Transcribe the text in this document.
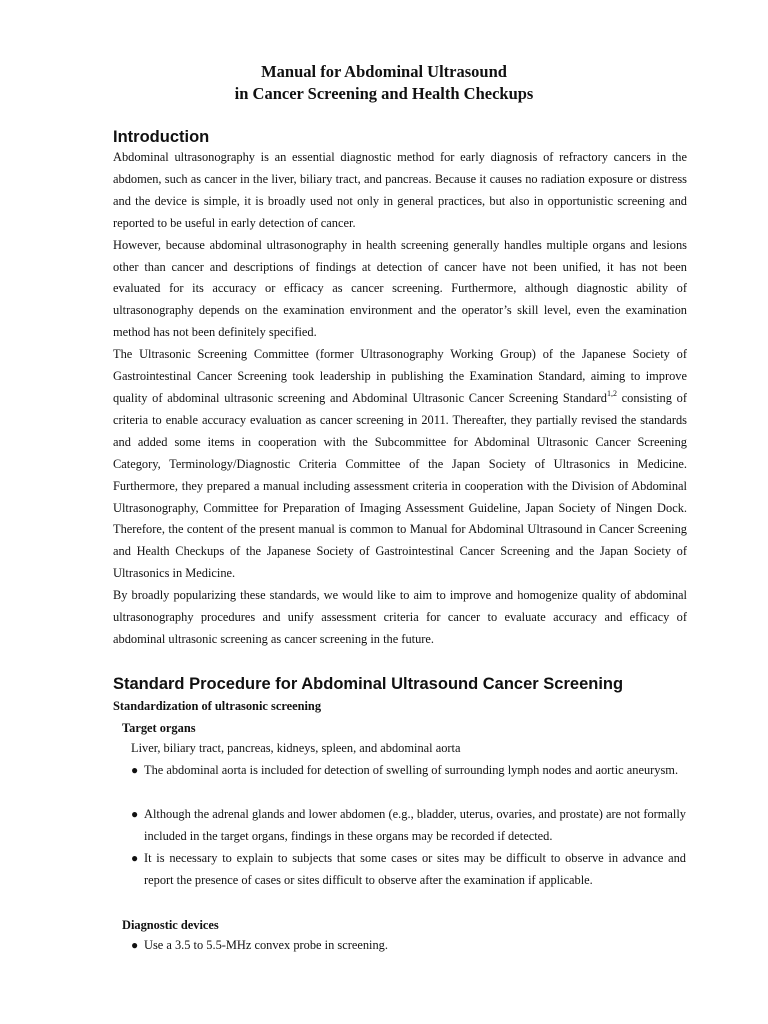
Manual for Abdominal Ultrasound
in Cancer Screening and Health Checkups
Introduction

Abdominal ultrasonography is an essential diagnostic method for early diagnosis of refractory cancers in the abdomen, such as cancer in the liver, biliary tract, and pancreas. Because it causes no radiation exposure or distress and the device is simple, it is broadly used not only in general practices, but also in opportunistic screening and reported to be useful in early detection of cancer.

However, because abdominal ultrasonography in health screening generally handles multiple organs and lesions other than cancer and descriptions of findings at detection of cancer have not been unified, it has not been evaluated for its accuracy or efficacy as cancer screening. Furthermore, although diagnostic ability of ultrasonography depends on the examination environment and the operator’s skill level, even the examination method has not been definitely specified.

The Ultrasonic Screening Committee (former Ultrasonography Working Group) of the Japanese Society of Gastrointestinal Cancer Screening took leadership in publishing the Examination Standard, aiming to improve quality of abdominal ultrasonic screening and Abdominal Ultrasonic Cancer Screening Standard$^{1,2}$ consisting of criteria to enable accuracy evaluation as cancer screening in 2011. Thereafter, they partially revised the standards and added some items in cooperation with the Subcommittee for Abdominal Ultrasonic Cancer Screening Category, Terminology/Diagnostic Criteria Committee of the Japan Society of Ultrasonics in Medicine. Furthermore, they prepared a manual including assessment criteria in cooperation with the Division of Abdominal Ultrasonography, Committee for Preparation of Imaging Assessment Guideline, Japan Society of Ningen Dock. Therefore, the content of the present manual is common to Manual for Abdominal Ultrasound in Cancer Screening and Health Checkups of the Japanese Society of Gastrointestinal Cancer Screening and the Japan Society of Ultrasonics in Medicine.

By broadly popularizing these standards, we would like to aim to improve and homogenize quality of abdominal ultrasonography procedures and unify assessment criteria for cancer to evaluate accuracy and efficacy of abdominal ultrasonic screening as cancer screening in the future.

Standard Procedure for Abdominal Ultrasound Cancer Screening
Standardization of ultrasonic screening
Target organs
Liver, biliary tract, pancreas, kidneys, spleen, and abdominal aorta
● The abdominal aorta is included for detection of swelling of surrounding lymph nodes and aortic aneurysm.
● Although the adrenal glands and lower abdomen (e.g., bladder, uterus, ovaries, and prostate) are not formally included in the target organs, findings in these organs may be recorded if detected.
● It is necessary to explain to subjects that some cases or sites may be difficult to observe in advance and report the presence of cases or sites difficult to observe after the examination if applicable.
Diagnostic devices
● Use a 3.5 to 5.5-MHz convex probe in screening.
